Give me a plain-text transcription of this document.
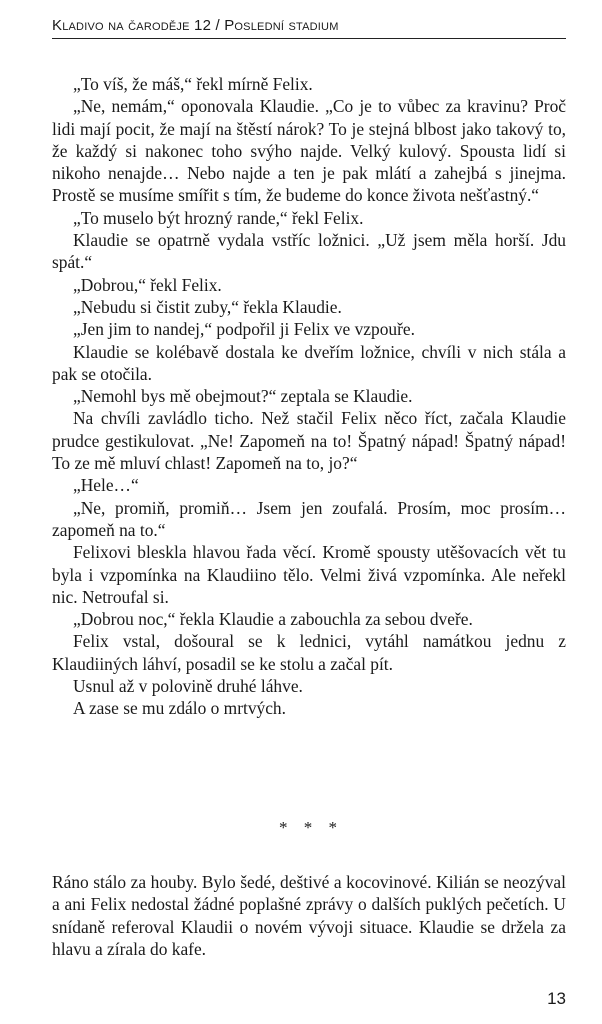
Kladivo na čaroděje 12 / Poslední stadium

„To víš, že máš,“ řekl mírně Felix.

„Ne, nemám,“ oponovala Klaudie. „Co je to vůbec za kravinu? Proč lidi mají pocit, že mají na štěstí nárok? To je stejná blbost jako takový to, že každý si nakonec toho svýho najde. Velký kulový. Spousta lidí si nikoho nenajde… Nebo najde a ten je pak mlátí a zahejbá s jinejma. Prostě se musíme smířit s tím, že budeme do konce života nešťastný.“

„To muselo být hrozný rande,“ řekl Felix.

Klaudie se opatrně vydala vstříc ložnici. „Už jsem měla horší. Jdu spát.“

„Dobrou,“ řekl Felix.

„Nebudu si čistit zuby,“ řekla Klaudie.

„Jen jim to nandej,“ podpořil ji Felix ve vzpouře.

Klaudie se kolébavě dostala ke dveřím ložnice, chvíli v nich stála a pak se otočila.

„Nemohl bys mě obejmout?“ zeptala se Klaudie.

Na chvíli zavládlo ticho. Než stačil Felix něco říct, začala Klaudie prudce gestikulovat. „Ne! Zapomeň na to! Špatný nápad! Špatný nápad! To ze mě mluví chlast! Zapomeň na to, jo?“

„Hele…“

„Ne, promiň, promiň… Jsem jen zoufalá. Prosím, moc prosím… zapomeň na to.“

Felixovi bleskla hlavou řada věcí. Kromě spousty utěšovacích vět tu byla i vzpomínka na Klaudiino tělo. Velmi živá vzpomínka. Ale neřekl nic. Netroufal si.

„Dobrou noc,“ řekla Klaudie a zabouchla za sebou dveře.

Felix vstal, došoural se k lednici, vytáhl namátkou jednu z Klaudiiných láhví, posadil se ke stolu a začal pít.

Usnul až v polovině druhé láhve.

A zase se mu zdálo o mrtvých.

* * *

Ráno stálo za houby. Bylo šedé, deštivé a kocovinové. Kilián se neozýval a ani Felix nedostal žádné poplašné zprávy o dalších puklých pečetích. U snídaně referoval Klaudii o novém vývoji situace. Klaudie se držela za hlavu a zírala do kafe.

13
